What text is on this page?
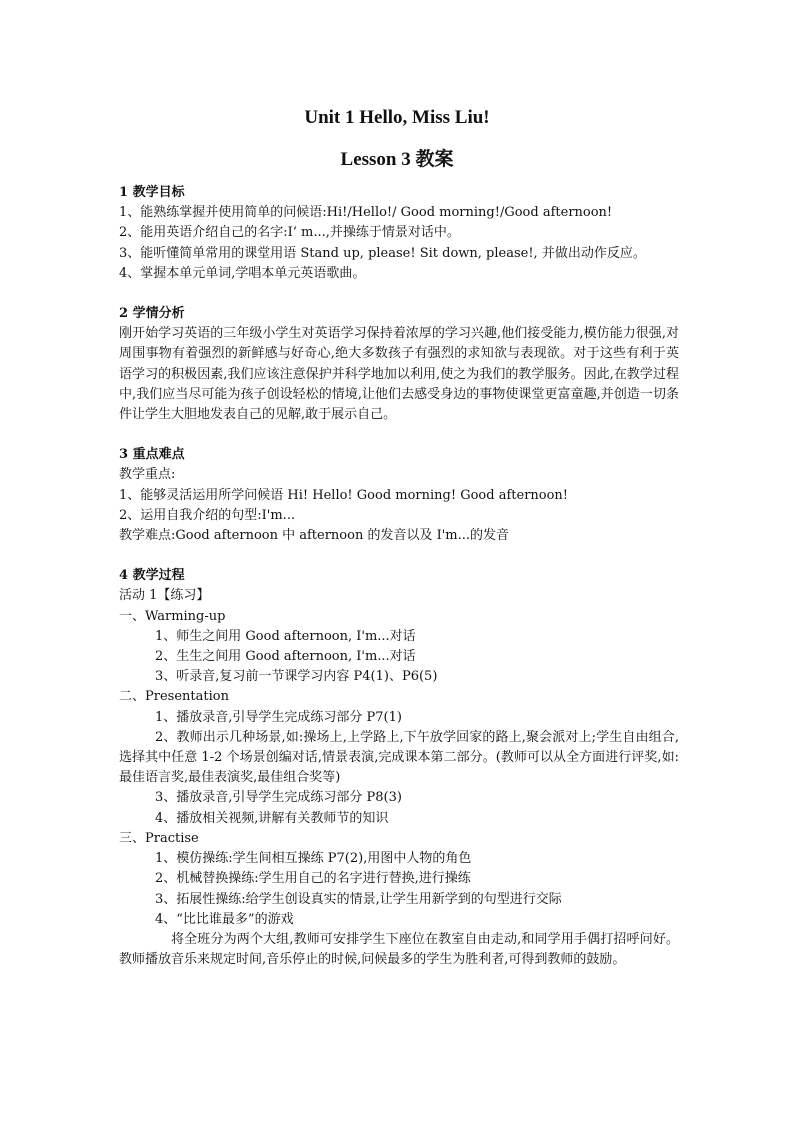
Unit 1 Hello, Miss Liu!
Lesson 3 教案

1 教学目标

1、能熟练掌握并使用简单的问候语:Hi!/Hello!/ Good morning!/Good afternoon!

2、能用英语介绍自己的名字:I‘ m...,并操练于情景对话中。

3、能听懂简单常用的课堂用语 Stand up, please! Sit down, please!, 并做出动作反应。

4、掌握本单元单词,学唱本单元英语歌曲。

2 学情分析

刚开始学习英语的三年级小学生对英语学习保持着浓厚的学习兴趣,他们接受能力,模仿能力很强,对周围事物有着强烈的新鲜感与好奇心,绝大多数孩子有强烈的求知欲与表现欲。对于这些有利于英语学习的积极因素,我们应该注意保护并科学地加以利用,使之为我们的教学服务。因此,在教学过程中,我们应当尽可能为孩子创设轻松的情境,让他们去感受身边的事物使课堂更富童趣,并创造一切条件让学生大胆地发表自己的见解,敢于展示自己。

3 重点难点

教学重点:

1、能够灵活运用所学问候语 Hi! Hello! Good morning! Good afternoon!

2、运用自我介绍的句型:I'm...

教学难点:Good afternoon 中 afternoon 的发音以及 I'm...的发音

4 教学过程

活动 1【练习】

一、Warming-up

1、师生之间用 Good afternoon, I'm...对话

2、生生之间用 Good afternoon, I'm...对话

3、听录音,复习前一节课学习内容 P4(1)、P6(5)

二、Presentation

1、播放录音,引导学生完成练习部分 P7(1)

2、教师出示几种场景,如:操场上,上学路上,下午放学回家的路上,聚会派对上;学生自由组合,选择其中任意 1-2 个场景创编对话,情景表演,完成课本第二部分。(教师可以从全方面进行评奖,如:最佳语言奖,最佳表演奖,最佳组合奖等)

3、播放录音,引导学生完成练习部分 P8(3)

4、播放相关视频,讲解有关教师节的知识

三、Practise

1、模仿操练:学生间相互操练 P7(2),用图中人物的角色

2、机械替换操练:学生用自己的名字进行替换,进行操练

3、拓展性操练:给学生创设真实的情景,让学生用新学到的句型进行交际

4、“比比谁最多”的游戏

将全班分为两个大组,教师可安排学生下座位在教室自由走动,和同学用手偶打招呼问好。教师播放音乐来规定时间,音乐停止的时候,问候最多的学生为胜利者,可得到教师的鼓励。
